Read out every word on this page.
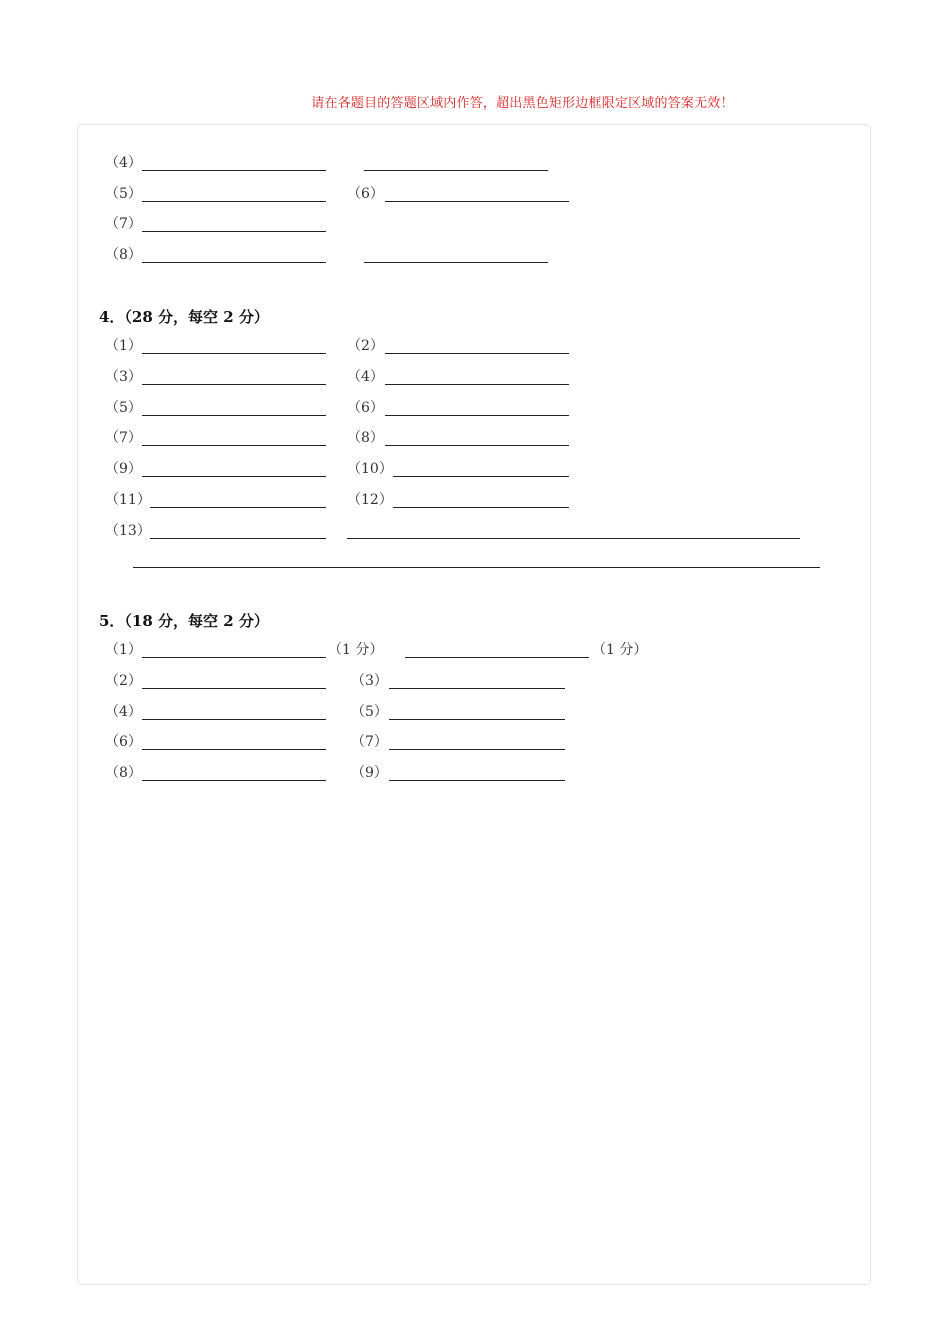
请在各题目的答题区域内作答，超出黑色矩形边框限定区域的答案无效！
（4）
（5）	（6）
（7）
（8）
4．（28 分，每空 2 分）
（1）	（2）
（3）	（4）
（5）	（6）
（7）	（8）
（9）	（10）
（11）	（12）
（13）
5．（18 分，每空 2 分）
（1）	（1 分）	（1 分）
（2）	（3）
（4）	（5）
（6）	（7）
（8）	（9）
